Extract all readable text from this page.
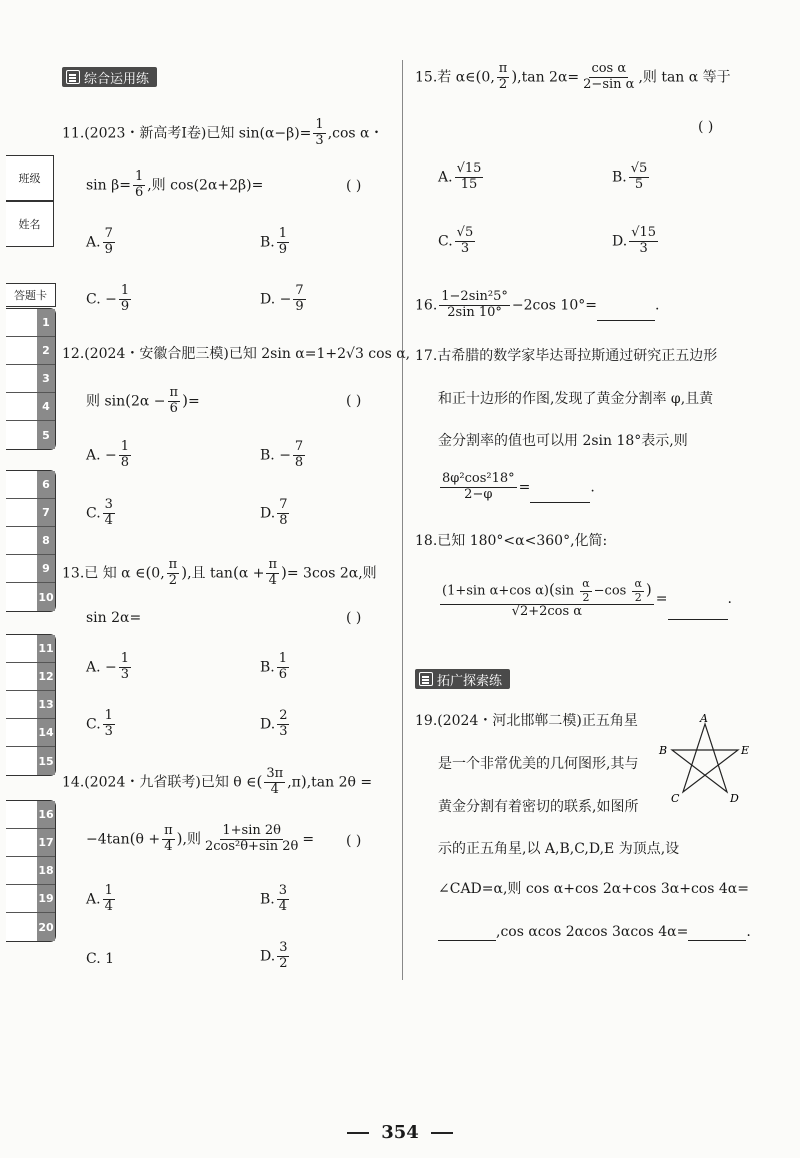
班级
姓名
答题卡
1
2
3
4
5
6
7
8
9
10
11
12
13
14
15
16
17
18
19
20
综合运用练
11.(2023・新高考Ⅰ卷)已知 $\sin(\alpha-\beta)= \frac{1}{3} ,\cos$ α・
$\sin \beta= \frac{1}{6}$ ,则 cos(2α+2β)=	( )
A. $\frac{7}{9}$	B. $\frac{1}{9}$
C. − $\frac{1}{9}$	D. − $\frac{7}{9}$
12.(2024・安徽合肥三模)已知 2sin α=1+2√3 cos α,
则 $\sin(2\alpha - \frac{\pi}{6}$ )=	( )
A. − $\frac{1}{8}$	B. − $\frac{7}{8}$
C. $\frac{3}{4}$	D. $\frac{7}{8}$
13.已 知 α ∈(0, $\frac{\pi}{2}$ ),且 $\tan(\alpha + \frac{\pi}{4}$ )= 3cos 2α,则
sin 2α=	( )
A. − $\frac{1}{3}$	B. $\frac{1}{6}$
C. $\frac{1}{3}$	D. $\frac{2}{3}$
14.(2024・九省联考)已知 θ ∈( $\frac{3\pi}{4} ,\pi),\tan$ 2θ =
$-4\tan(\theta + \frac{\pi}{4}$ ),则 $\frac{1+\sin 2\theta}{\text{2cos²θ+sin 2θ}}$ = ( )
A. $\frac{1}{4}$	B. $\frac{3}{4}$
C. 1	D. $\frac{3}{2}$
15.若 α∈(0, $\frac{\pi}{2} ),\tan$ $2\alpha= \frac{\text{cos α}}{\text{2−sin α}}$ ,则 tan α 等于
( )
A. $\frac{√15}{15}$	B. $\frac{√5}{5}$
C. $\frac{√5}{3}$	D. $\frac{√15}{3}$
16. $\frac{\text{1−2sin²5°}}{2\sin 10^\circ} -2\cos$ 10°=	.
17.古希腊的数学家毕达哥拉斯通过研究正五边形
和正十边形的作图,发现了黄金分割率 φ,且黄
金分割率的值也可以用 2sin 18°表示,则
$\frac{\text{8φ²cos²18°}}{2-\varphi}$ =	.
18.已知 180°<α<360°,化简:
$\frac{(1+\sin \alpha+\cos \alpha)(\sin \frac{\alpha}{2} -\cos \frac{\alpha}{2} )}{\text{√2+2cos α}}$ =	.
拓广探索练
19.(2024・河北邯郸二模)正五角星
是一个非常优美的几何图形,其与
黄金分割有着密切的联系,如图所
示的正五角星,以 A,B,C,D,E 为顶点,设
∠CAD=α,则 cos α+cos 2α+cos 3α+cos 4α=
,cos αcos 2αcos 3αcos 4α=	.
A
B	E
C	D
354
